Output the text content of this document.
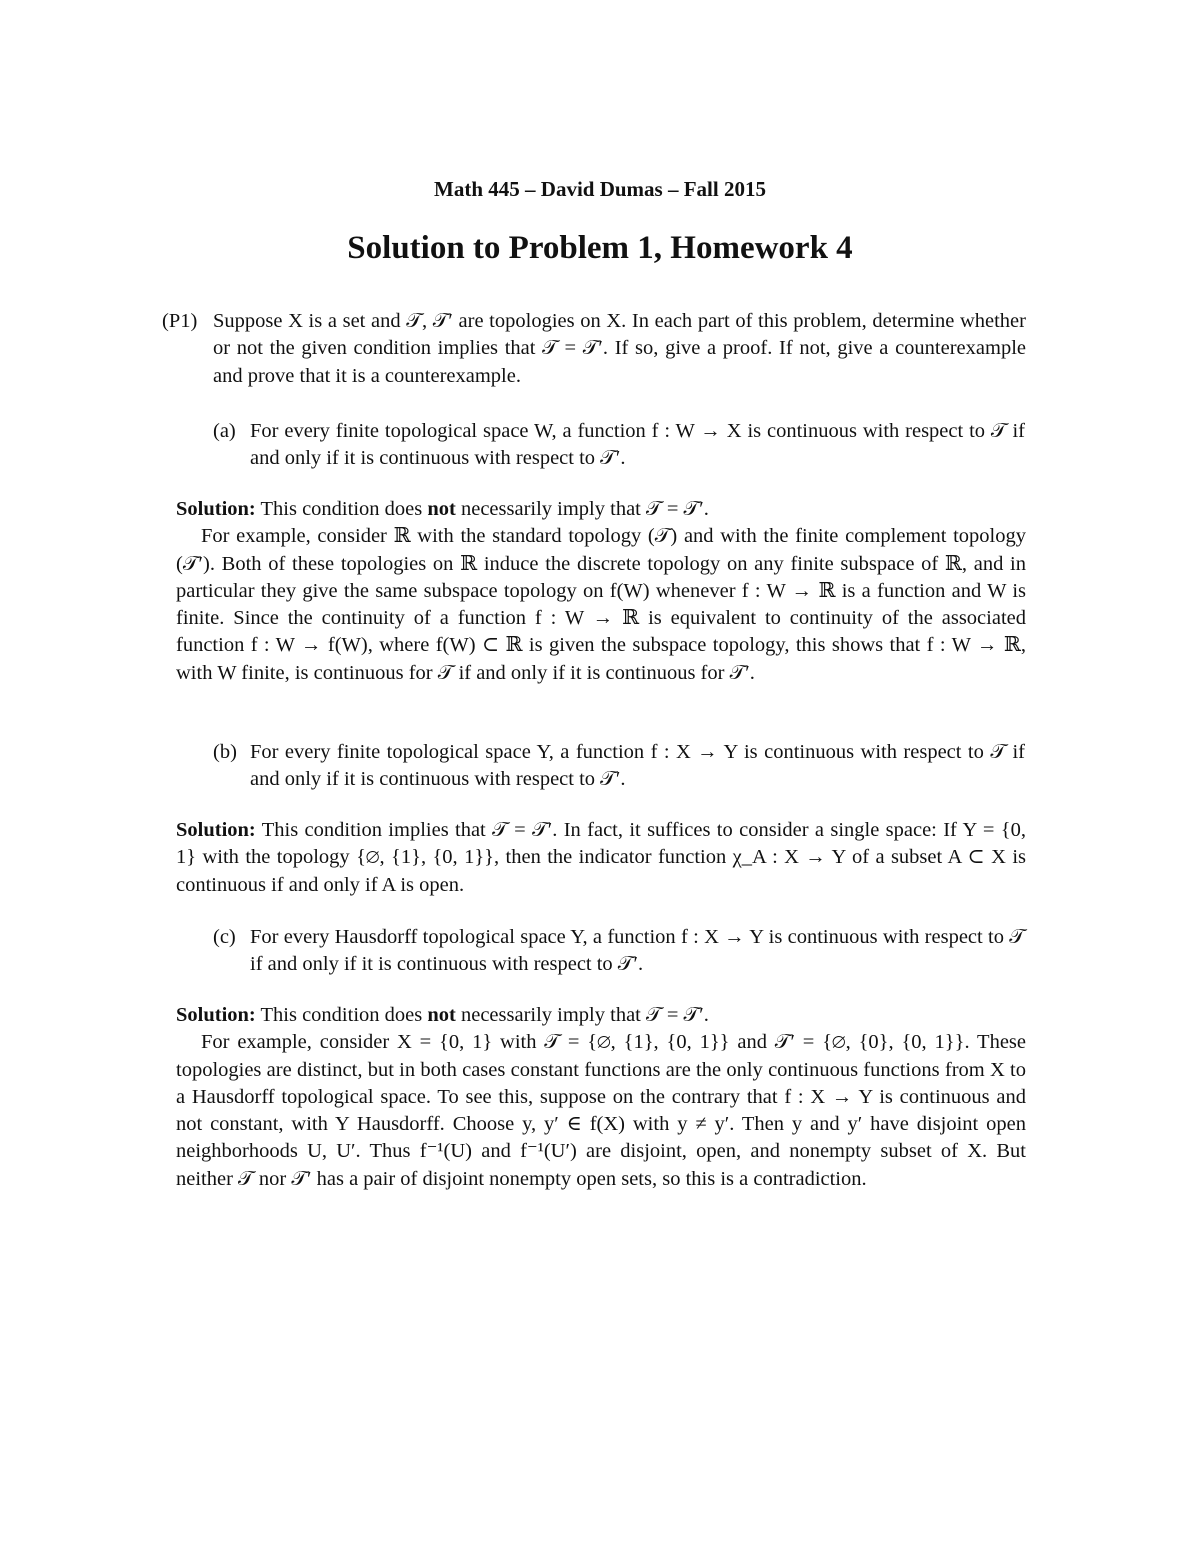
Math 445 – David Dumas – Fall 2015
Solution to Problem 1, Homework 4
(P1) Suppose X is a set and 𝒯, 𝒯′ are topologies on X. In each part of this problem, determine whether or not the given condition implies that 𝒯 = 𝒯′. If so, give a proof. If not, give a counterexample and prove that it is a counterexample.

(a) For every finite topological space W, a function f : W → X is continuous with respect to 𝒯 if and only if it is continuous with respect to 𝒯′.

Solution: This condition does not necessarily imply that 𝒯 = 𝒯′.

For example, consider ℝ with the standard topology (𝒯) and with the finite complement topology (𝒯′). Both of these topologies on ℝ induce the discrete topology on any finite subspace of ℝ, and in particular they give the same subspace topology on f(W) whenever f : W → ℝ is a function and W is finite. Since the continuity of a function f : W → ℝ is equivalent to continuity of the associated function f : W → f(W), where f(W) ⊂ ℝ is given the subspace topology, this shows that f : W → ℝ, with W finite, is continuous for 𝒯 if and only if it is continuous for 𝒯′.

(b) For every finite topological space Y, a function f : X → Y is continuous with respect to 𝒯 if and only if it is continuous with respect to 𝒯′.

Solution: This condition implies that 𝒯 = 𝒯′. In fact, it suffices to consider a single space: If Y = {0, 1} with the topology {∅, {1}, {0, 1}}, then the indicator function χ_A : X → Y of a subset A ⊂ X is continuous if and only if A is open.

(c) For every Hausdorff topological space Y, a function f : X → Y is continuous with respect to 𝒯 if and only if it is continuous with respect to 𝒯′.

Solution: This condition does not necessarily imply that 𝒯 = 𝒯′.

For example, consider X = {0, 1} with 𝒯 = {∅, {1}, {0, 1}} and 𝒯′ = {∅, {0}, {0, 1}}. These topologies are distinct, but in both cases constant functions are the only continuous functions from X to a Hausdorff topological space. To see this, suppose on the contrary that f : X → Y is continuous and not constant, with Y Hausdorff. Choose y, y′ ∈ f(X) with y ≠ y′. Then y and y′ have disjoint open neighborhoods U, U′. Thus f⁻¹(U) and f⁻¹(U′) are disjoint, open, and nonempty subset of X. But neither 𝒯 nor 𝒯′ has a pair of disjoint nonempty open sets, so this is a contradiction.
